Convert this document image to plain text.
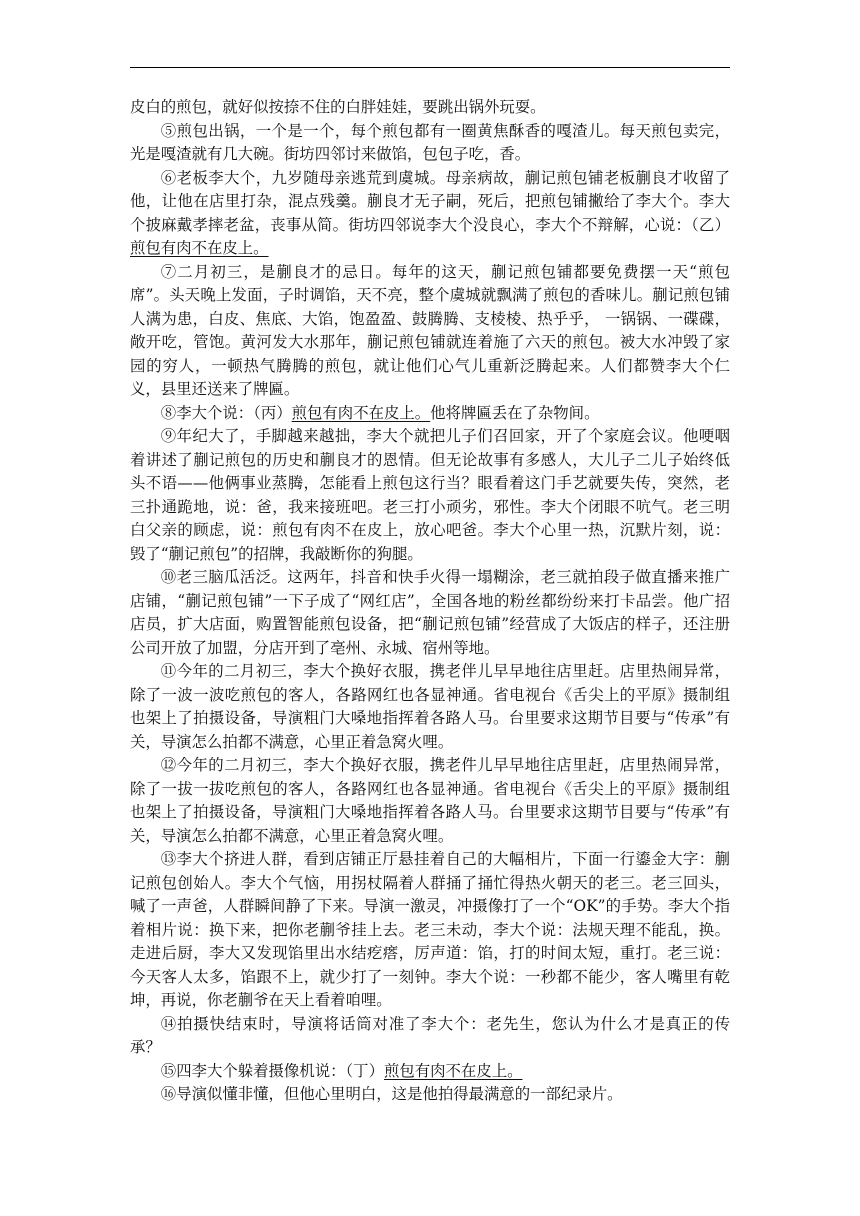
皮白的煎包，就好似按捺不住的白胖娃娃，要跳出锅外玩耍。

⑤煎包出锅，一个是一个，每个煎包都有一圈黄焦酥香的嘎渣儿。每天煎包卖完，光是嘎渣就有几大碗。街坊四邻讨来做馅，包包子吃，香。

⑥老板李大个，九岁随母亲逃荒到虞城。母亲病故，蒯记煎包铺老板蒯良才收留了他，让他在店里打杂，混点残羹。蒯良才无子嗣，死后，把煎包铺撇给了李大个。李大个披麻戴孝摔老盆，丧事从简。街坊四邻说李大个没良心，李大个不辩解，心说：（乙）煎包有肉不在皮上。

⑦二月初三，是蒯良才的忌日。每年的这天，蒯记煎包铺都要免费摆一天“煎包席”。头天晚上发面，子时调馅，天不亮，整个虞城就飘满了煎包的香味儿。蒯记煎包铺人满为患，白皮、焦底、大馅，饱盈盈、鼓腾腾、支棱棱、热乎乎， 一锅锅、一碟碟，敞开吃，管饱。黄河发大水那年，蒯记煎包铺就连着施了六天的煎包。被大水冲毁了家园的穷人，一顿热气腾腾的煎包，就让他们心气儿重新泛腾起来。人们都赞李大个仁义，县里还送来了牌匾。

⑧李大个说：（丙）煎包有肉不在皮上。他将牌匾丢在了杂物间。

⑨年纪大了，手脚越来越拙，李大个就把儿子们召回家，开了个家庭会议。他哽咽着讲述了蒯记煎包的历史和蒯良才的恩情。但无论故事有多感人，大儿子二儿子始终低头不语——他俩事业蒸腾，怎能看上煎包这行当？眼看着这门手艺就要失传，突然，老三扑通跪地，说：爸，我来接班吧。老三打小顽劣，邪性。李大个闭眼不吭气。老三明白父亲的顾虑，说：煎包有肉不在皮上，放心吧爸。李大个心里一热，沉默片刻，说：毁了“蒯记煎包”的招牌，我敲断你的狗腿。

⑩老三脑瓜活泛。这两年，抖音和快手火得一塌糊涂，老三就拍段子做直播来推广店铺，“蒯记煎包铺”一下子成了“网红店”，全国各地的粉丝都纷纷来打卡品尝。他广招店员，扩大店面，购置智能煎包设备，把“蒯记煎包铺”经营成了大饭店的样子，还注册公司开放了加盟，分店开到了亳州、永城、宿州等地。

⑪今年的二月初三，李大个换好衣服，携老伴儿早早地往店里赶。店里热闹异常，除了一波一波吃煎包的客人，各路网红也各显神通。省电视台《舌尖上的平原》摄制组也架上了拍摄设备，导演粗门大嗓地指挥着各路人马。台里要求这期节目要与“传承”有关，导演怎么拍都不满意，心里正着急窝火哩。

⑫今年的二月初三，李大个换好衣服，携老件儿早早地往店里赶，店里热闹异常，除了一拔一拔吃煎包的客人，各路网红也各显神通。省电视台《舌尖上的平原》摄制组也架上了拍摄设备，导演粗门大嗓地指挥着各路人马。台里要求这期节目要与“传承”有关，导演怎么拍都不满意，心里正着急窝火哩。

⑬李大个挤进人群，看到店铺正厅悬挂着自己的大幅相片，下面一行鎏金大字：蒯记煎包创始人。李大个气恼，用拐杖隔着人群捅了捅忙得热火朝天的老三。老三回头，喊了一声爸，人群瞬间静了下来。导演一激灵，冲摄像打了一个“OK”的手势。李大个指着相片说：换下来，把你老蒯爷挂上去。老三未动，李大个说：法规天理不能乱，换。走进后厨，李大又发现馅里出水结疙瘩，厉声道：馅，打的时间太短，重打。老三说：今天客人太多，馅跟不上，就少打了一刻钟。李大个说：一秒都不能少，客人嘴里有乾坤，再说，你老蒯爷在天上看着咱哩。

⑭拍摄快结束时，导演将话筒对准了李大个：老先生，您认为什么才是真正的传承？

⑮四李大个躲着摄像机说：（丁）煎包有肉不在皮上。

⑯导演似懂非懂，但他心里明白，这是他拍得最满意的一部纪录片。
